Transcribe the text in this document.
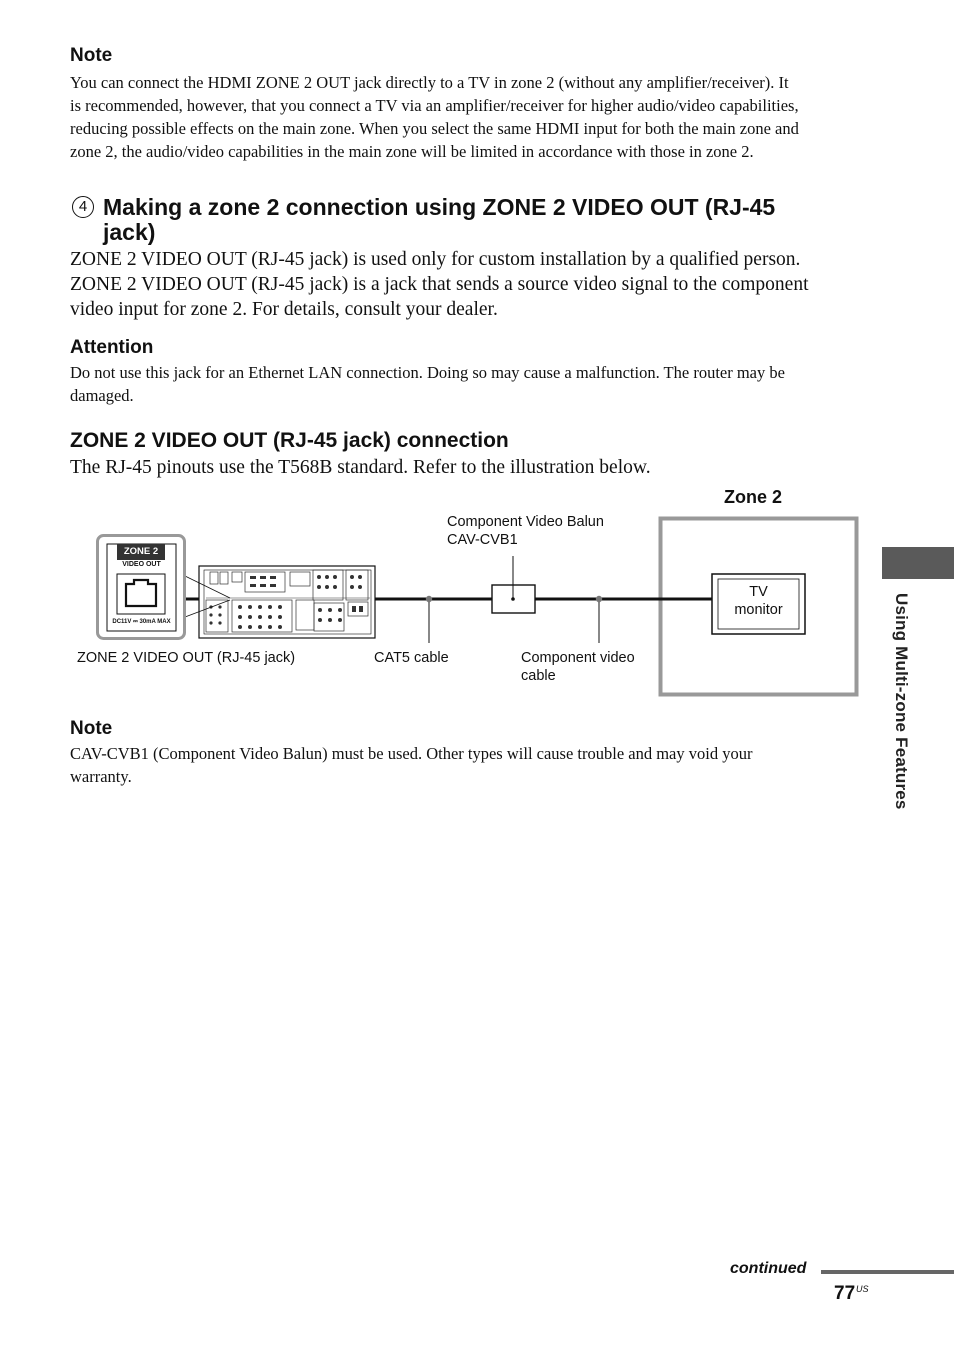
Note
You can connect the HDMI ZONE 2 OUT jack directly to a TV in zone 2 (without any amplifier/receiver). It
is recommended, however, that you connect a TV via an amplifier/receiver for higher audio/video capabilities,
reducing possible effects on the main zone. When you select the same HDMI input for both the main zone and
zone 2, the audio/video capabilities in the main zone will be limited in accordance with those in zone 2.
4 Making a zone 2 connection using ZONE 2 VIDEO OUT (RJ-45
jack)
ZONE 2 VIDEO OUT (RJ-45 jack) is used only for custom installation by a qualified person.
ZONE 2 VIDEO OUT (RJ-45 jack) is a jack that sends a source video signal to the component
video input for zone 2. For details, consult your dealer.
Attention
Do not use this jack for an Ethernet LAN connection. Doing so may cause a malfunction. The router may be
damaged.
ZONE 2 VIDEO OUT (RJ-45 jack) connection
The RJ-45 pinouts use the T568B standard. Refer to the illustration below.
ZONE 2
VIDEO OUT
DC11V ⎓ 30mA MAX
Zone 2
Component Video Balun
CAV-CVB1
TV
monitor
ZONE 2 VIDEO OUT (RJ-45 jack)	CAT5 cable	Component video
cable
Note
CAV-CVB1 (Component Video Balun) must be used. Other types will cause trouble and may void your
warranty.	Using Multi-zone Features
continued
77 US
